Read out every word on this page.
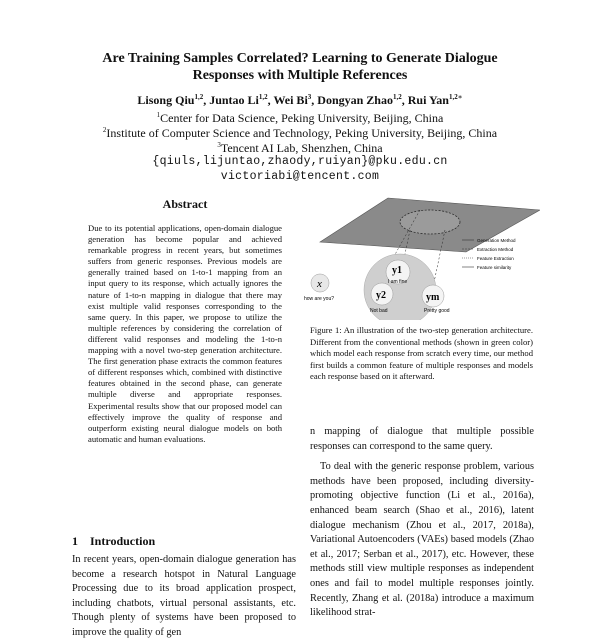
Are Training Samples Correlated? Learning to Generate Dialogue
Responses with Multiple References
Lisong Qiu$^{1,2}$, Juntao Li$^{1,2}$, Wei Bi$^3$, Dongyan Zhao$^{1,2}$, Rui Yan$^{1,2∗}$
$^1$Center for Data Science, Peking University, Beijing, China
$^2$Institute of Computer Science and Technology, Peking University, Beijing, China
$^3$Tencent AI Lab, Shenzhen, China
{qiuls,lijuntao,zhaody,ruiyan}@pku.edu.cn
victoriabi@tencent.com
Abstract
Due to its potential applications, open-domain dialogue generation has become popular and achieved remarkable progress in recent years, but sometimes suffers from generic responses. Previous models are generally trained based on 1-to-1 mapping from an input query to its response, which actually ignores the nature of 1-to-n mapping in dialogue that there may exist multiple valid responses corresponding to the same query. In this paper, we propose to utilize the multiple references by considering the correlation of different valid responses and modeling the 1-to-n mapping with a novel two-step generation architecture. The first generation phase extracts the common features of different responses which, combined with distinctive features obtained in the second phase, can generate multiple diverse and appropriate responses. Experimental results show that our proposed model can effectively improve the quality of response and outperform existing neural dialogue models on both automatic and human evaluations.
1 Introduction
In recent years, open-domain dialogue generation has become a research hotspot in Natural Language Processing due to its broad application prospect, including chatbots, virtual personal assistants, etc. Though plenty of systems have been proposed to improve the quality of gen
x
how are you?
y1
I am fine
y2
Not bad
ym
Pretty good
Generation Method
Extraction Method
Feature Extraction
Feature similarity
Figure 1: An illustration of the two-step generation architecture. Different from the conventional methods (shown in green color) which model each response from scratch every time, our method first builds a common feature of multiple responses and models each response based on it afterward.

n mapping of dialogue that multiple possible responses can correspond to the same query.

To deal with the generic response problem, various methods have been proposed, including diversity-promoting objective function (Li et al., 2016a), enhanced beam search (Shao et al., 2016), latent dialogue mechanism (Zhou et al., 2017, 2018a), Variational Autoencoders (VAEs) based models (Zhao et al., 2017; Serban et al., 2017), etc. However, these methods still view multiple responses as independent ones and fail to model multiple responses jointly. Recently, Zhang et al. (2018a) introduce a maximum likelihood strat-
